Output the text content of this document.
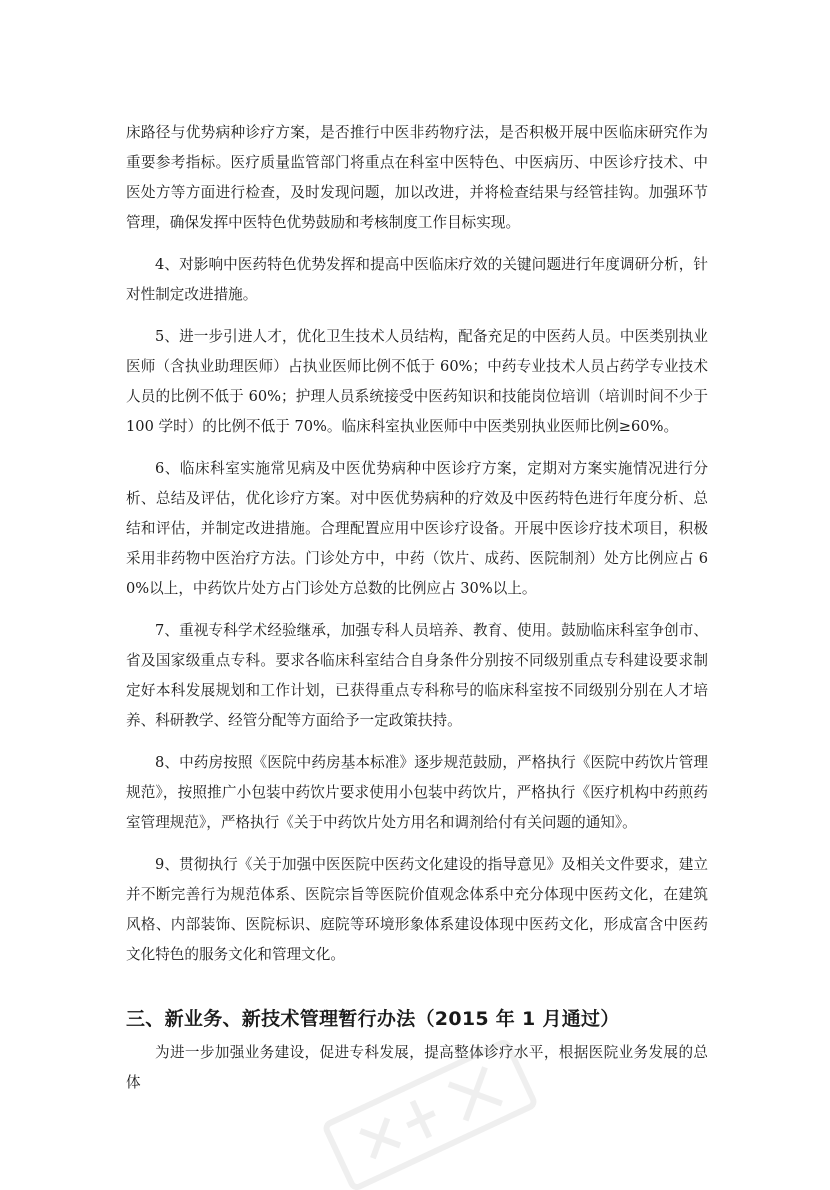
床路径与优势病种诊疗方案，是否推行中医非药物疗法，是否积极开展中医临床研究作为重要参考指标。医疗质量监管部门将重点在科室中医特色、中医病历、中医诊疗技术、中医处方等方面进行检查，及时发现问题，加以改进，并将检查结果与经管挂钩。加强环节管理，确保发挥中医特色优势鼓励和考核制度工作目标实现。

4、对影响中医药特色优势发挥和提高中医临床疗效的关键问题进行年度调研分析，针对性制定改进措施。

5、进一步引进人才，优化卫生技术人员结构，配备充足的中医药人员。中医类别执业医师（含执业助理医师）占执业医师比例不低于 60%；中药专业技术人员占药学专业技术人员的比例不低于 60%；护理人员系统接受中医药知识和技能岗位培训（培训时间不少于100 学时）的比例不低于 70%。临床科室执业医师中中医类别执业医师比例≥60%。

6、临床科室实施常见病及中医优势病种中医诊疗方案，定期对方案实施情况进行分析、总结及评估，优化诊疗方案。对中医优势病种的疗效及中医药特色进行年度分析、总结和评估，并制定改进措施。合理配置应用中医诊疗设备。开展中医诊疗技术项目，积极采用非药物中医治疗方法。门诊处方中，中药（饮片、成药、医院制剂）处方比例应占 60%以上，中药饮片处方占门诊处方总数的比例应占 30%以上。

7、重视专科学术经验继承，加强专科人员培养、教育、使用。鼓励临床科室争创市、省及国家级重点专科。要求各临床科室结合自身条件分别按不同级别重点专科建设要求制定好本科发展规划和工作计划，已获得重点专科称号的临床科室按不同级别分别在人才培养、科研教学、经管分配等方面给予一定政策扶持。

8、中药房按照《医院中药房基本标准》逐步规范鼓励，严格执行《医院中药饮片管理规范》，按照推广小包装中药饮片要求使用小包装中药饮片，严格执行《医疗机构中药煎药室管理规范》，严格执行《关于中药饮片处方用名和调剂给付有关问题的通知》。

9、贯彻执行《关于加强中医医院中医药文化建设的指导意见》及相关文件要求，建立并不断完善行为规范体系、医院宗旨等医院价值观念体系中充分体现中医药文化，在建筑风格、内部装饰、医院标识、庭院等环境形象体系建设体现中医药文化，形成富含中医药文化特色的服务文化和管理文化。

三、新业务、新技术管理暂行办法（2015 年 1 月通过）

为进一步加强业务建设，促进专科发展，提高整体诊疗水平，根据医院业务发展的总体
